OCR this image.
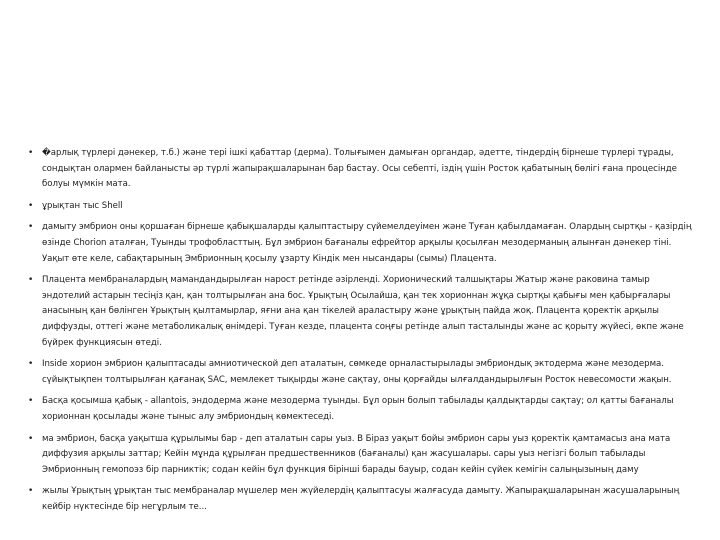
• �арлық түрлері дәнекер, т.б.) және тері ішкі қабаттар (дерма). Толығымен дамыған органдар, әдетте, тіндердің бірнеше түрлері тұрады, сондықтан олармен байланысты әр түрлі жапырақшаларынан бар бастау. Осы себепті, іздің үшін Росток қабатының бөлігі ғана процесінде болуы мүмкін мата.
• ұрықтан тыс Shell
• дамыту эмбрион оны қоршаған бірнеше қабықшаларды қалыптастыру сүйемелдеуімен және Туған қабылдамаған. Олардың сыртқы - қазірдің өзінде Chorion аталған, Туынды трофобласттың. Бұл эмбрион бағаналы ефрейтор арқылы қосылған мезодерманың алынған дәнекер тіні. Уақыт өте келе, сабақтарының Эмбрионның қосылу ұзарту Кіндік мен нысандары (сымы) Плацента.
• Плацента мембраналардың мамандандырылған нароcт ретінде әзірленді. Хорионический талшықтары Жатыр және раковина тамыр эндотелий астарын тесіңіз қан, қан толтырылған ана бос. Ұрықтың Осылайша, қан тек хорионнан жұқа сыртқы қабығы мен қабырғалары анасының қан бөлінген Ұрықтың қылтамырлар, яғни ана қан тікелей араластыру және ұрықтың пайда жоқ. Плацента қоректік арқылы диффузды, оттегі және метаболикалық өнімдері. Туған кезде, плацента соңғы ретінде алып тасталынды және ас қорыту жүйесі, өкпе және бүйрек функциясын өтеді.
• Inside хорион эмбрион қалыптасады амниотической деп аталатын, сөмкеде орналастырылады эмбриондық эктодерма және мезодерма. сүйықтықпен толтырылған қағанақ SAC, мемлекет тықырды және сақтау, оны қорғайды ылғалдандырылғын Росток невесомости жақын.
• Басқа қосымша қабық - allantois, эндодерма және мезодерма туынды. Бұл орын болып табылады қалдықтарды сақтау; ол қатты бағаналы хорионнан қосылады және тыныс алу эмбриондың көмектеседі.
• ма эмбрион, басқа уақытша құрылымы бар - деп аталатын сары уыз. В Біраз уақыт бойы эмбрион сары уыз қоректік қамтамасыз ана мата диффузия арқылы заттар; Кейін мұнда құрылған предшественников (бағаналы) қан жасушалары. сары уыз негізгі болып табылады Эмбрионның гемопоэз бір парниктік; содан кейін бұл функция бірінші барады бауыр, содан кейін сүйек кемігін салыңызының даму
• жылы Ұрықтың ұрықтан тыс мембраналар мүшелер мен жүйелердің қалыптасуы жалғасуда дамыту. Жапырақшаларынан жасушаларының кейбір нүктесінде бір негұрлым те...
